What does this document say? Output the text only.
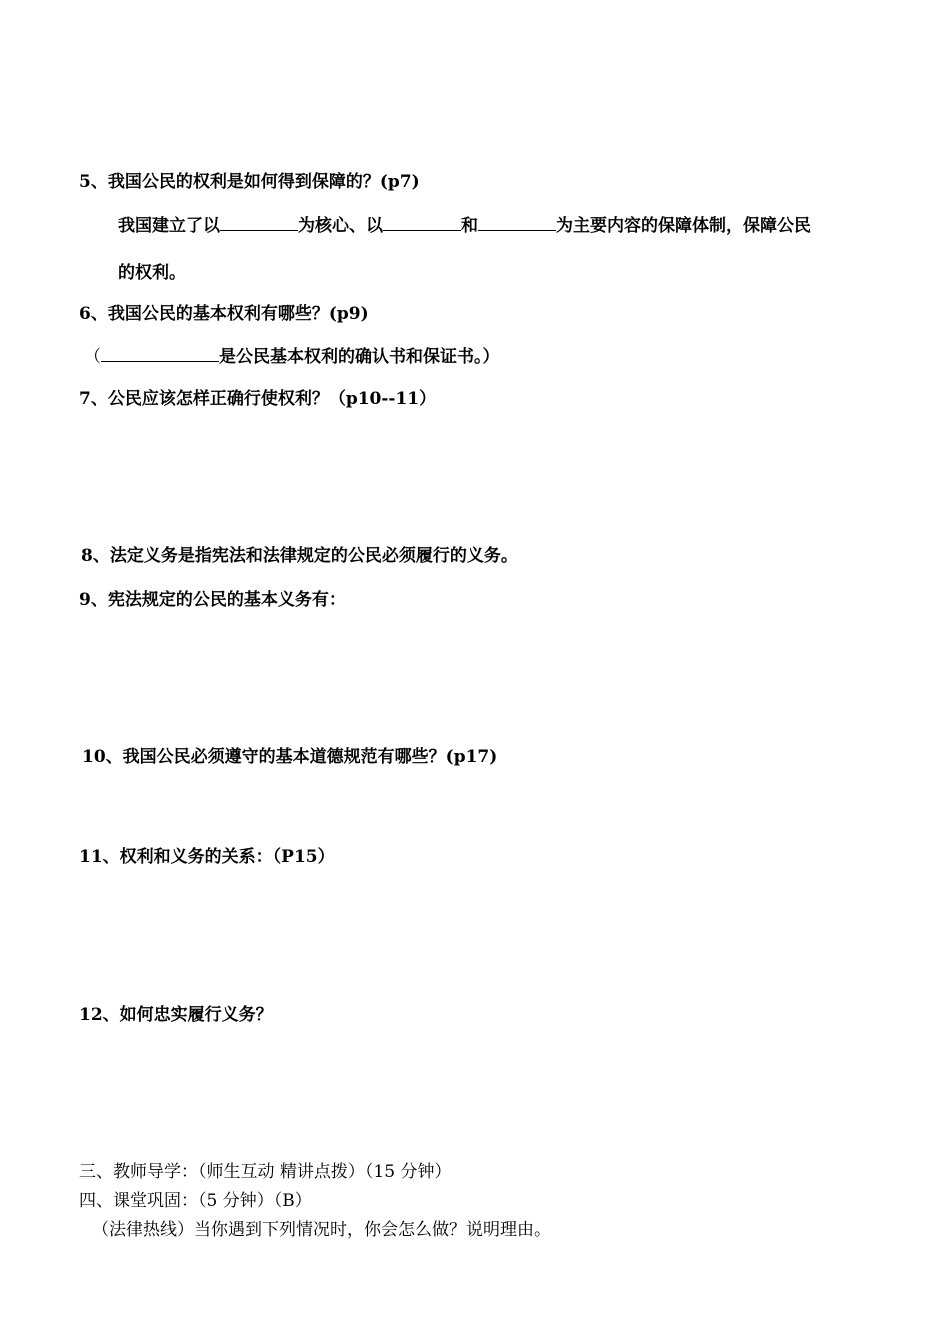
5、我国公民的权利是如何得到保障的？(p7)
我国建立了以	为核心、以	和	为主要内容的保障体制，保障公民
的权利。
6、我国公民的基本权利有哪些？(p9)
（	是公民基本权利的确认书和保证书。）
7、公民应该怎样正确行使权利？（p10--11）
8、法定义务是指宪法和法律规定的公民必须履行的义务。
9、宪法规定的公民的基本义务有：
10、我国公民必须遵守的基本道德规范有哪些？(p17)
11、权利和义务的关系：（P15）
12、如何忠实履行义务？
三、教师导学：（师生互动 精讲点拨）（15 分钟）
四、课堂巩固：（5 分钟）（B）
（法律热线）当你遇到下列情况时，你会怎么做？说明理由。
